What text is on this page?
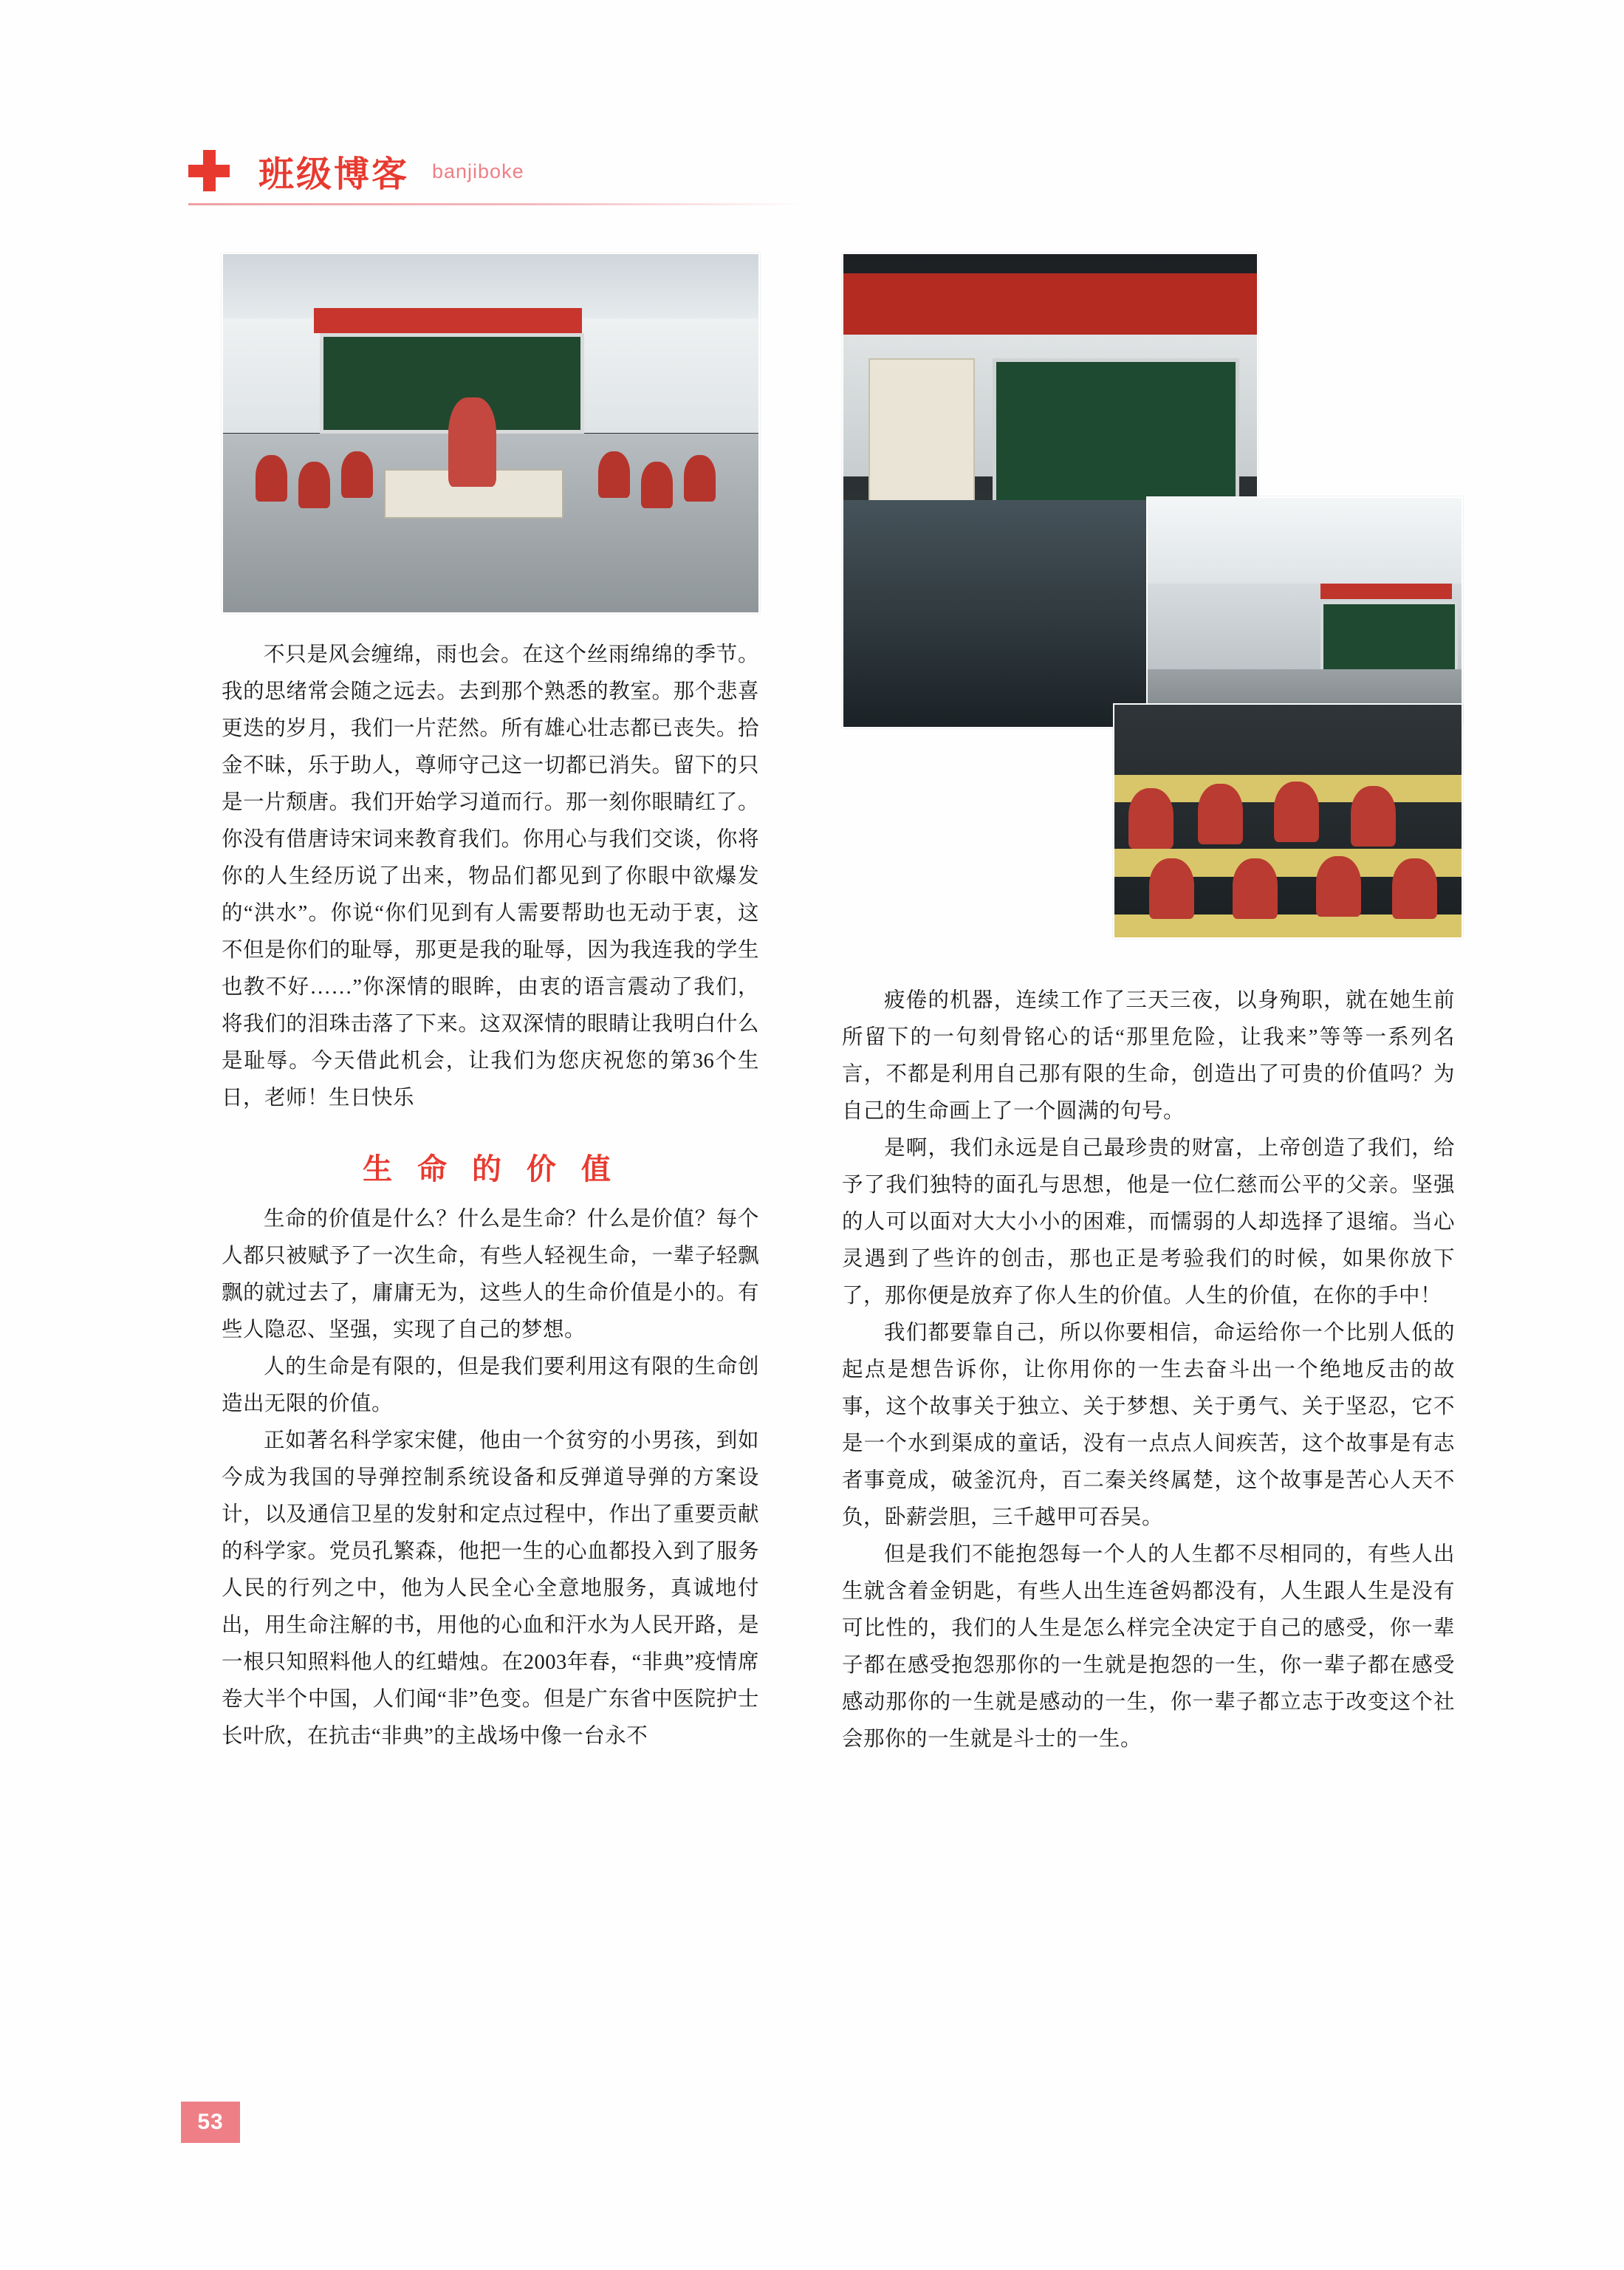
班级博客 banjiboke

不只是风会缠绵，雨也会。在这个丝雨绵绵的季节。我的思绪常会随之远去。去到那个熟悉的教室。那个悲喜更迭的岁月，我们一片茫然。所有雄心壮志都已丧失。拾金不昧，乐于助人，尊师守己这一切都已消失。留下的只是一片颓唐。我们开始学习道而行。那一刻你眼睛红了。你没有借唐诗宋词来教育我们。你用心与我们交谈，你将你的人生经历说了出来，物品们都见到了你眼中欲爆发的“洪水”。你说“你们见到有人需要帮助也无动于衷，这不但是你们的耻辱，那更是我的耻辱，因为我连我的学生也教不好……”你深情的眼眸，由衷的语言震动了我们，将我们的泪珠击落了下来。这双深情的眼睛让我明白什么是耻辱。今天借此机会，让我们为您庆祝您的第36个生日，老师！生日快乐

生 命 的 价 值

生命的价值是什么？什么是生命？什么是价值？每个人都只被赋予了一次生命，有些人轻视生命，一辈子轻飘飘的就过去了，庸庸无为，这些人的生命价值是小的。有些人隐忍、坚强，实现了自己的梦想。

人的生命是有限的，但是我们要利用这有限的生命创造出无限的价值。

正如著名科学家宋健，他由一个贫穷的小男孩，到如今成为我国的导弹控制系统设备和反弹道导弹的方案设计，以及通信卫星的发射和定点过程中，作出了重要贡献的科学家。党员孔繁森，他把一生的心血都投入到了服务人民的行列之中，他为人民全心全意地服务，真诚地付出，用生命注解的书，用他的心血和汗水为人民开路，是一根只知照料他人的红蜡烛。在2003年春，“非典”疫情席卷大半个中国，人们闻“非”色变。但是广东省中医院护士长叶欣，在抗击“非典”的主战场中像一台永不

疲倦的机器，连续工作了三天三夜，以身殉职，就在她生前所留下的一句刻骨铭心的话“那里危险，让我来”等等一系列名言，不都是利用自己那有限的生命，创造出了可贵的价值吗？为自己的生命画上了一个圆满的句号。

是啊，我们永远是自己最珍贵的财富，上帝创造了我们，给予了我们独特的面孔与思想，他是一位仁慈而公平的父亲。坚强的人可以面对大大小小的困难，而懦弱的人却选择了退缩。当心灵遇到了些许的创击，那也正是考验我们的时候，如果你放下了，那你便是放弃了你人生的价值。人生的价值，在你的手中！

我们都要靠自己，所以你要相信，命运给你一个比别人低的起点是想告诉你，让你用你的一生去奋斗出一个绝地反击的故事，这个故事关于独立、关于梦想、关于勇气、关于坚忍，它不是一个水到渠成的童话，没有一点点人间疾苦，这个故事是有志者事竟成，破釜沉舟，百二秦关终属楚，这个故事是苦心人天不负，卧薪尝胆，三千越甲可吞吴。

但是我们不能抱怨每一个人的人生都不尽相同的，有些人出生就含着金钥匙，有些人出生连爸妈都没有，人生跟人生是没有可比性的，我们的人生是怎么样完全决定于自己的感受，你一辈子都在感受抱怨那你的一生就是抱怨的一生，你一辈子都在感受感动那你的一生就是感动的一生，你一辈子都立志于改变这个社会那你的一生就是斗士的一生。

53
